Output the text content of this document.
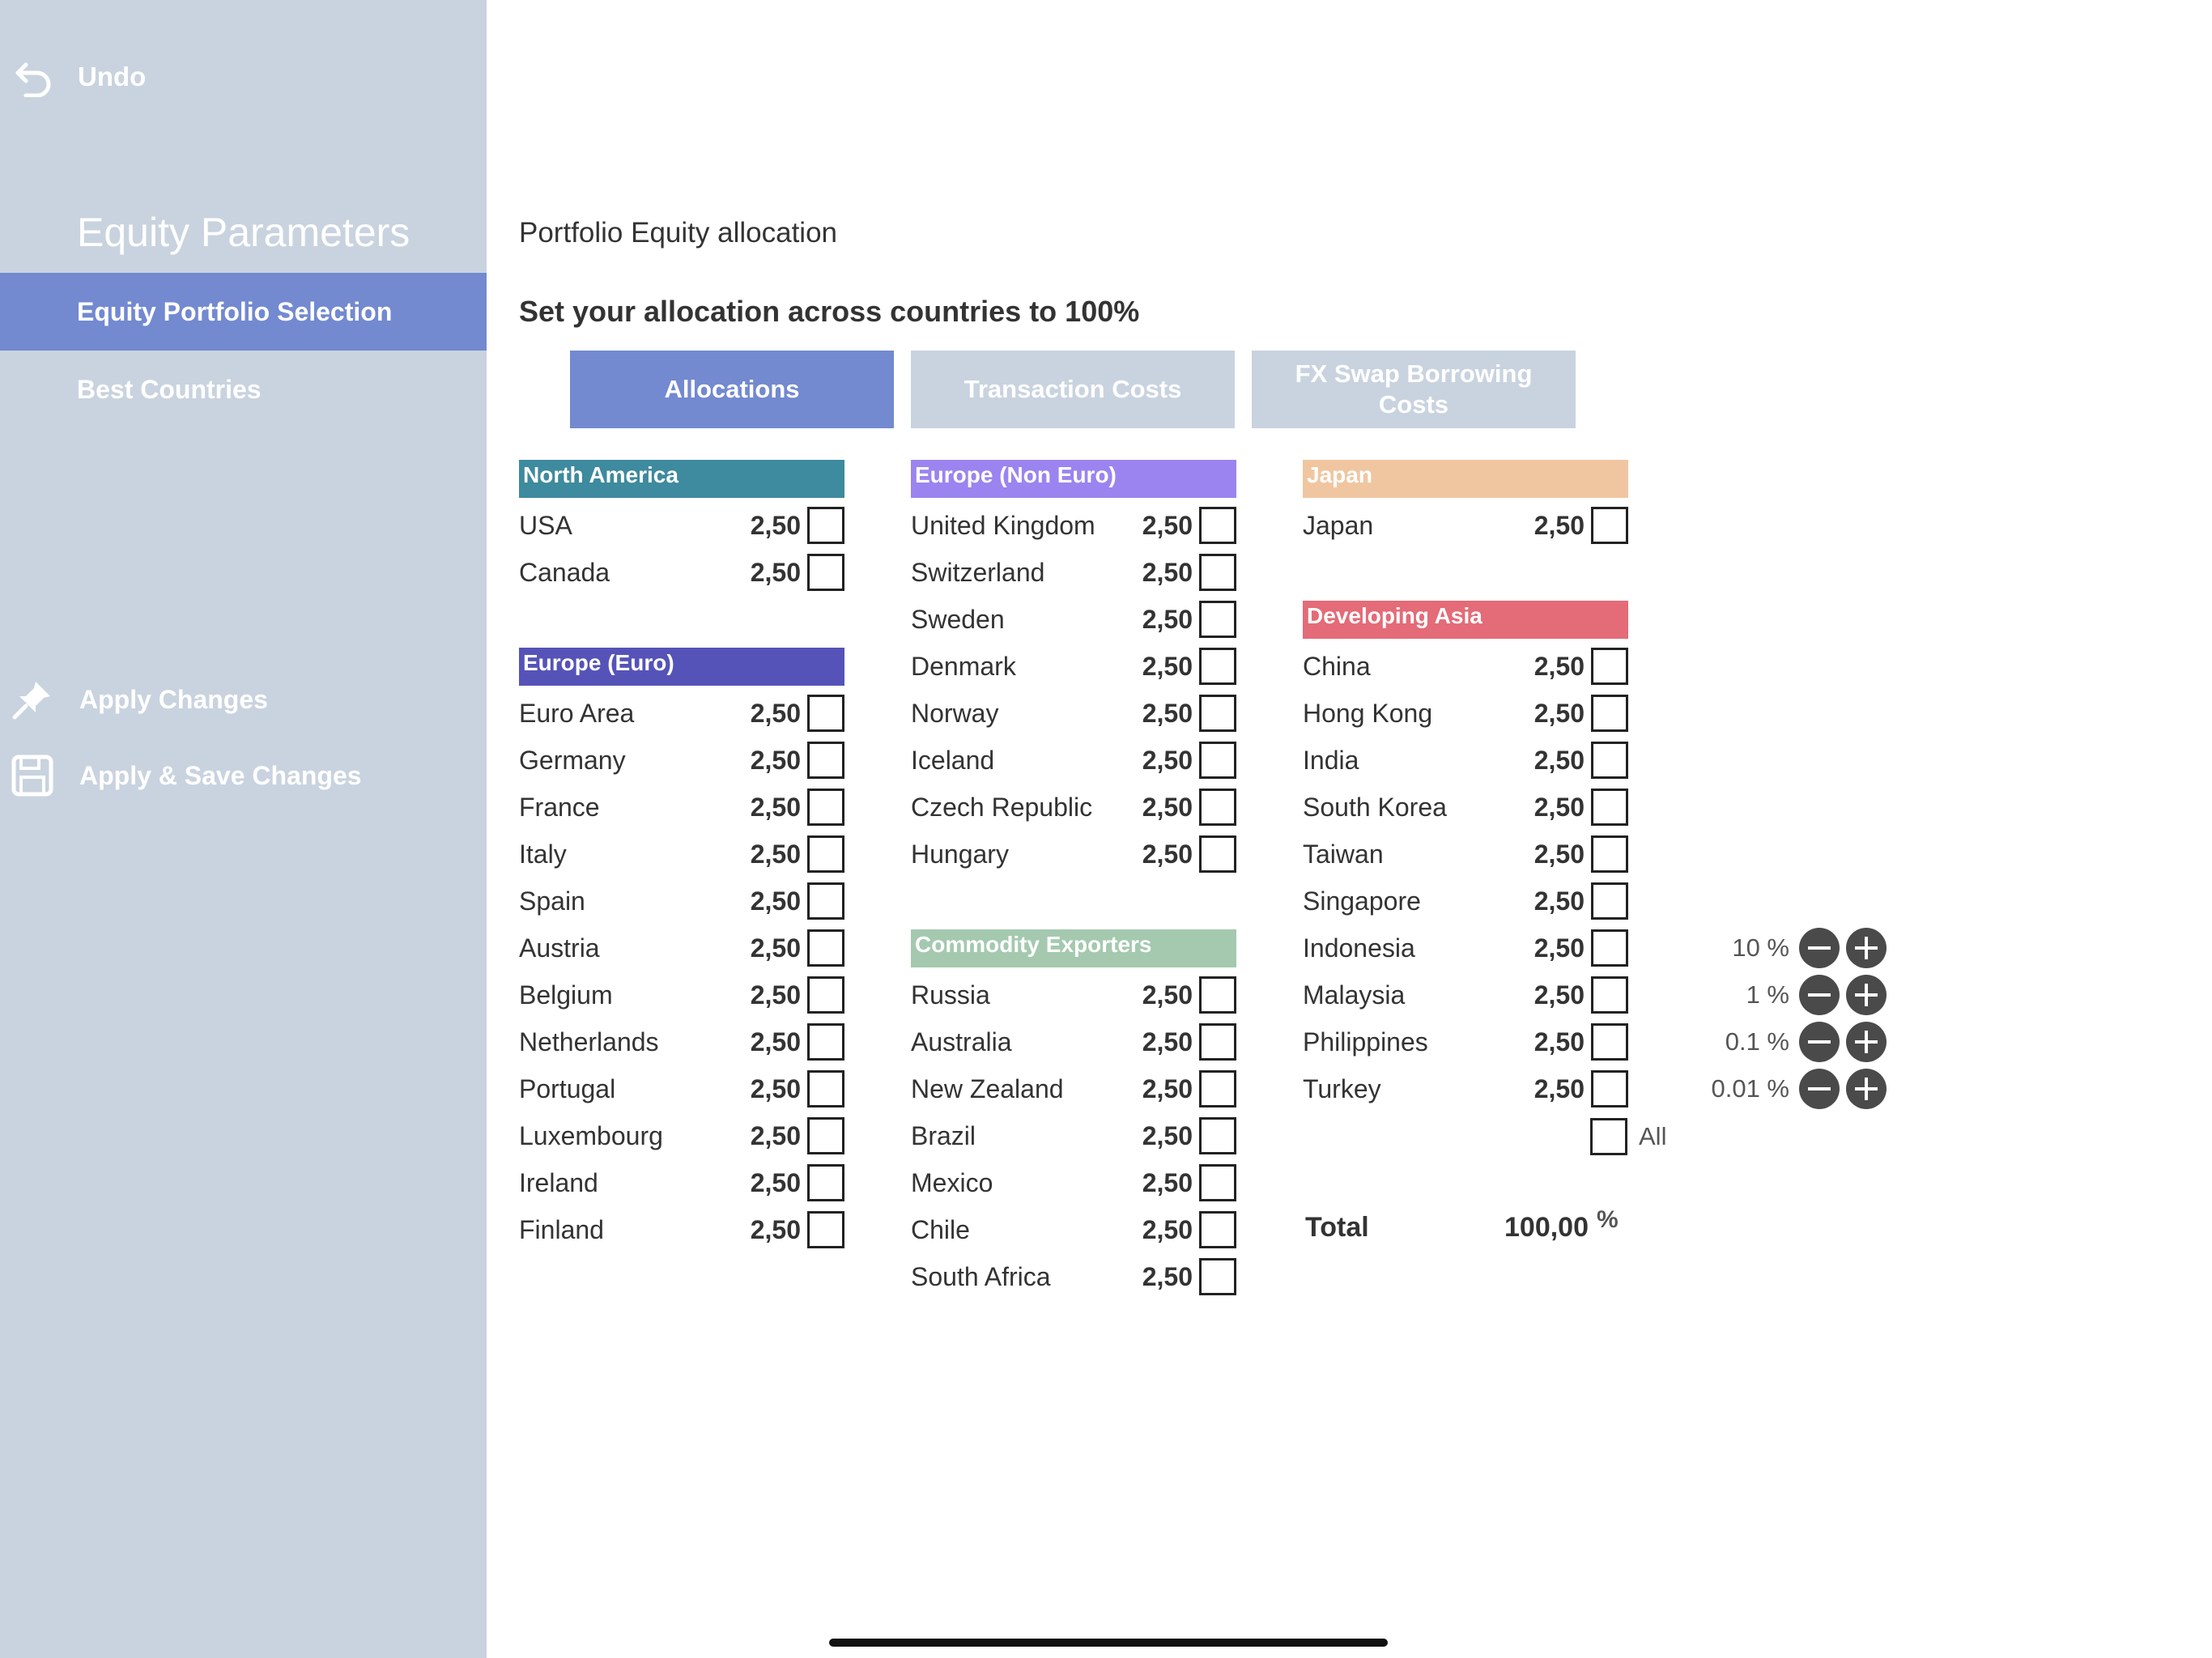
Undo
Equity Parameters
Equity Portfolio Selection
Best Countries
Apply Changes
Apply & Save Changes
Portfolio Equity allocation
Set your allocation across countries to 100%
Allocations	Transaction Costs
FX Swap Borrowing Costs
North America
USA	2,50
Canada	2,50
Europe (Euro)
Euro Area	2,50
Germany	2,50
France	2,50
Italy	2,50
Spain	2,50
Austria	2,50
Belgium	2,50
Netherlands	2,50
Portugal	2,50
Luxembourg	2,50
Ireland	2,50
Finland	2,50
Europe (Non Euro)
United Kingdom	2,50
Switzerland	2,50
Sweden	2,50
Denmark	2,50
Norway	2,50
Iceland	2,50
Czech Republic	2,50
Hungary	2,50
Commodity Exporters
Russia	2,50
Australia	2,50
New Zealand	2,50
Brazil	2,50
Mexico	2,50
Chile	2,50
South Africa	2,50
Japan
Japan	2,50
Developing Asia
China	2,50
Hong Kong	2,50
India	2,50
South Korea	2,50
Taiwan	2,50
Singapore	2,50
Indonesia	2,50
Malaysia	2,50
Philippines	2,50
Turkey	2,50
10 %
1 %
0.1 %
0.01 %
All
Total	100,00 %
